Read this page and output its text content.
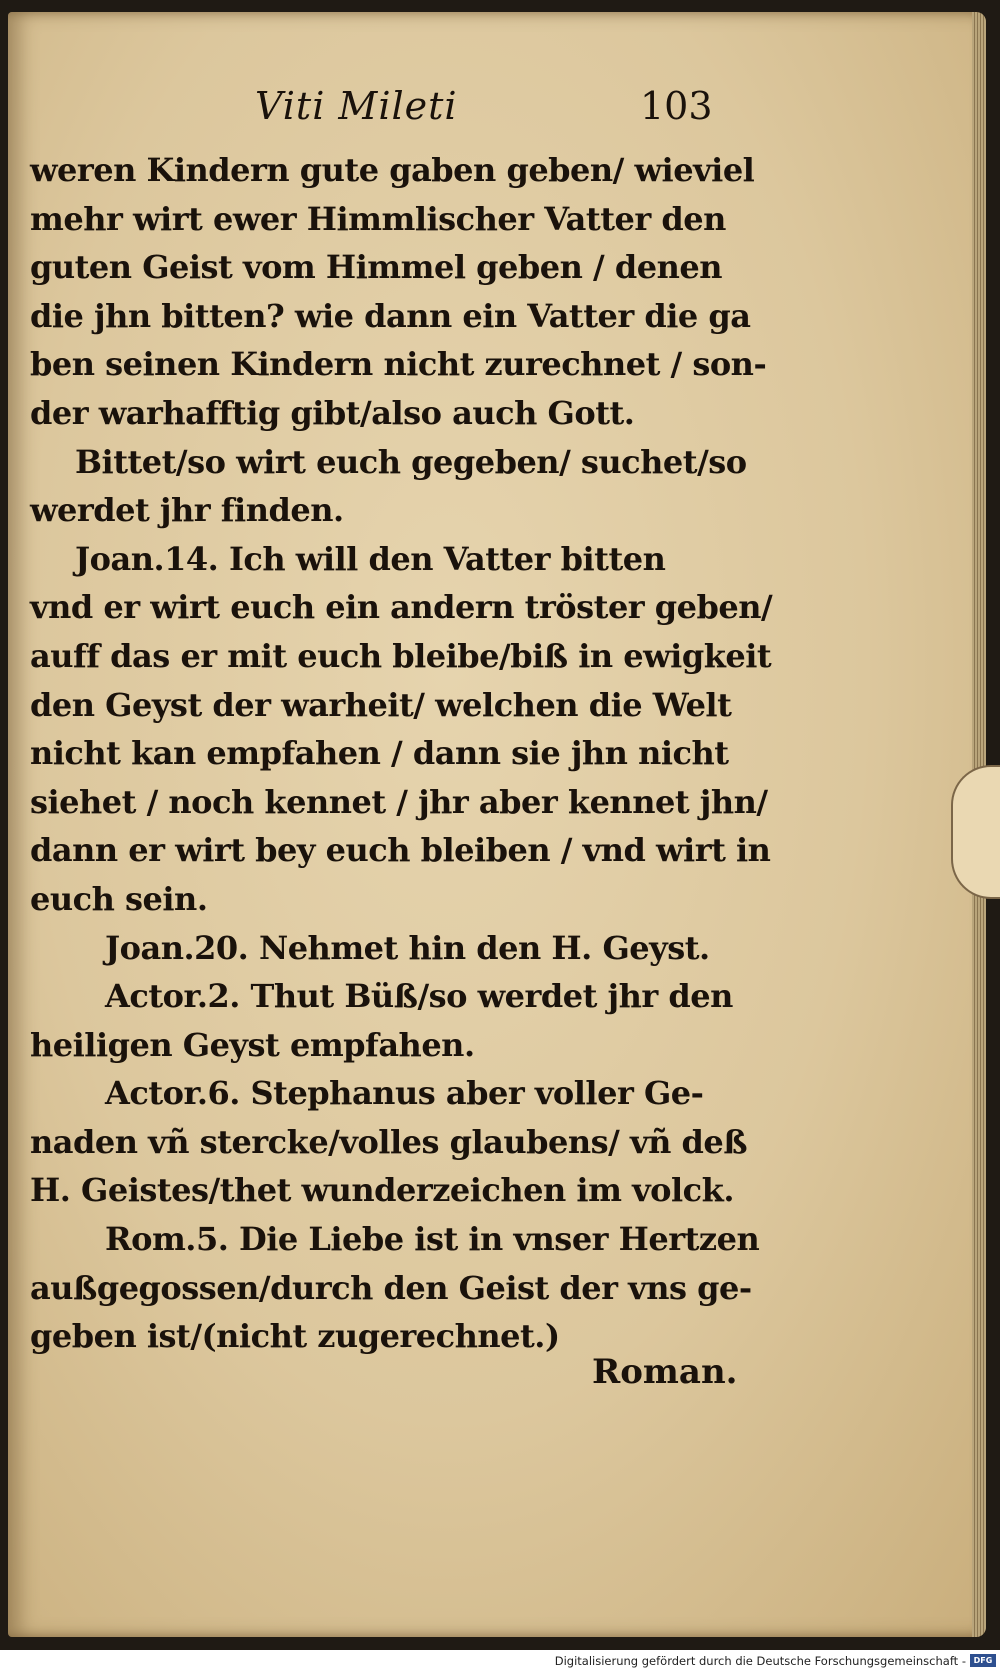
Viti Mileti	103
weren Kindern gute gaben geben/ wieviel
mehr wirt ewer Himmlischer Vatter den
guten Geist vom Himmel geben / denen
die jhn bitten? wie dann ein Vatter die ga
ben seinen Kindern nicht zurechnet / son-
der warhafftig gibt/also auch Gott.
Bittet/so wirt euch gegeben/ suchet/so
werdet jhr finden.
Joan.14. Ich will den Vatter bitten
vnd er wirt euch ein andern tröster geben/
auff das er mit euch bleibe/biß in ewigkeit
den Geyst der warheit/ welchen die Welt
nicht kan empfahen / dann sie jhn nicht
siehet / noch kennet / jhr aber kennet jhn/
dann er wirt bey euch bleiben / vnd wirt in
euch sein.
Joan.20. Nehmet hin den H. Geyst.
Actor.2. Thut Büß/so werdet jhr den
heiligen Geyst empfahen.
Actor.6. Stephanus aber voller Ge-
naden vñ stercke/volles glaubens/ vñ deß
H. Geistes/thet wunderzeichen im volck.
Rom.5. Die Liebe ist in vnser Hertzen
außgegossen/durch den Geist der vns ge-
geben ist/(nicht zugerechnet.)
Roman.
Digitalisierung gefördert durch die Deutsche Forschungsgemeinschaft - DFG
